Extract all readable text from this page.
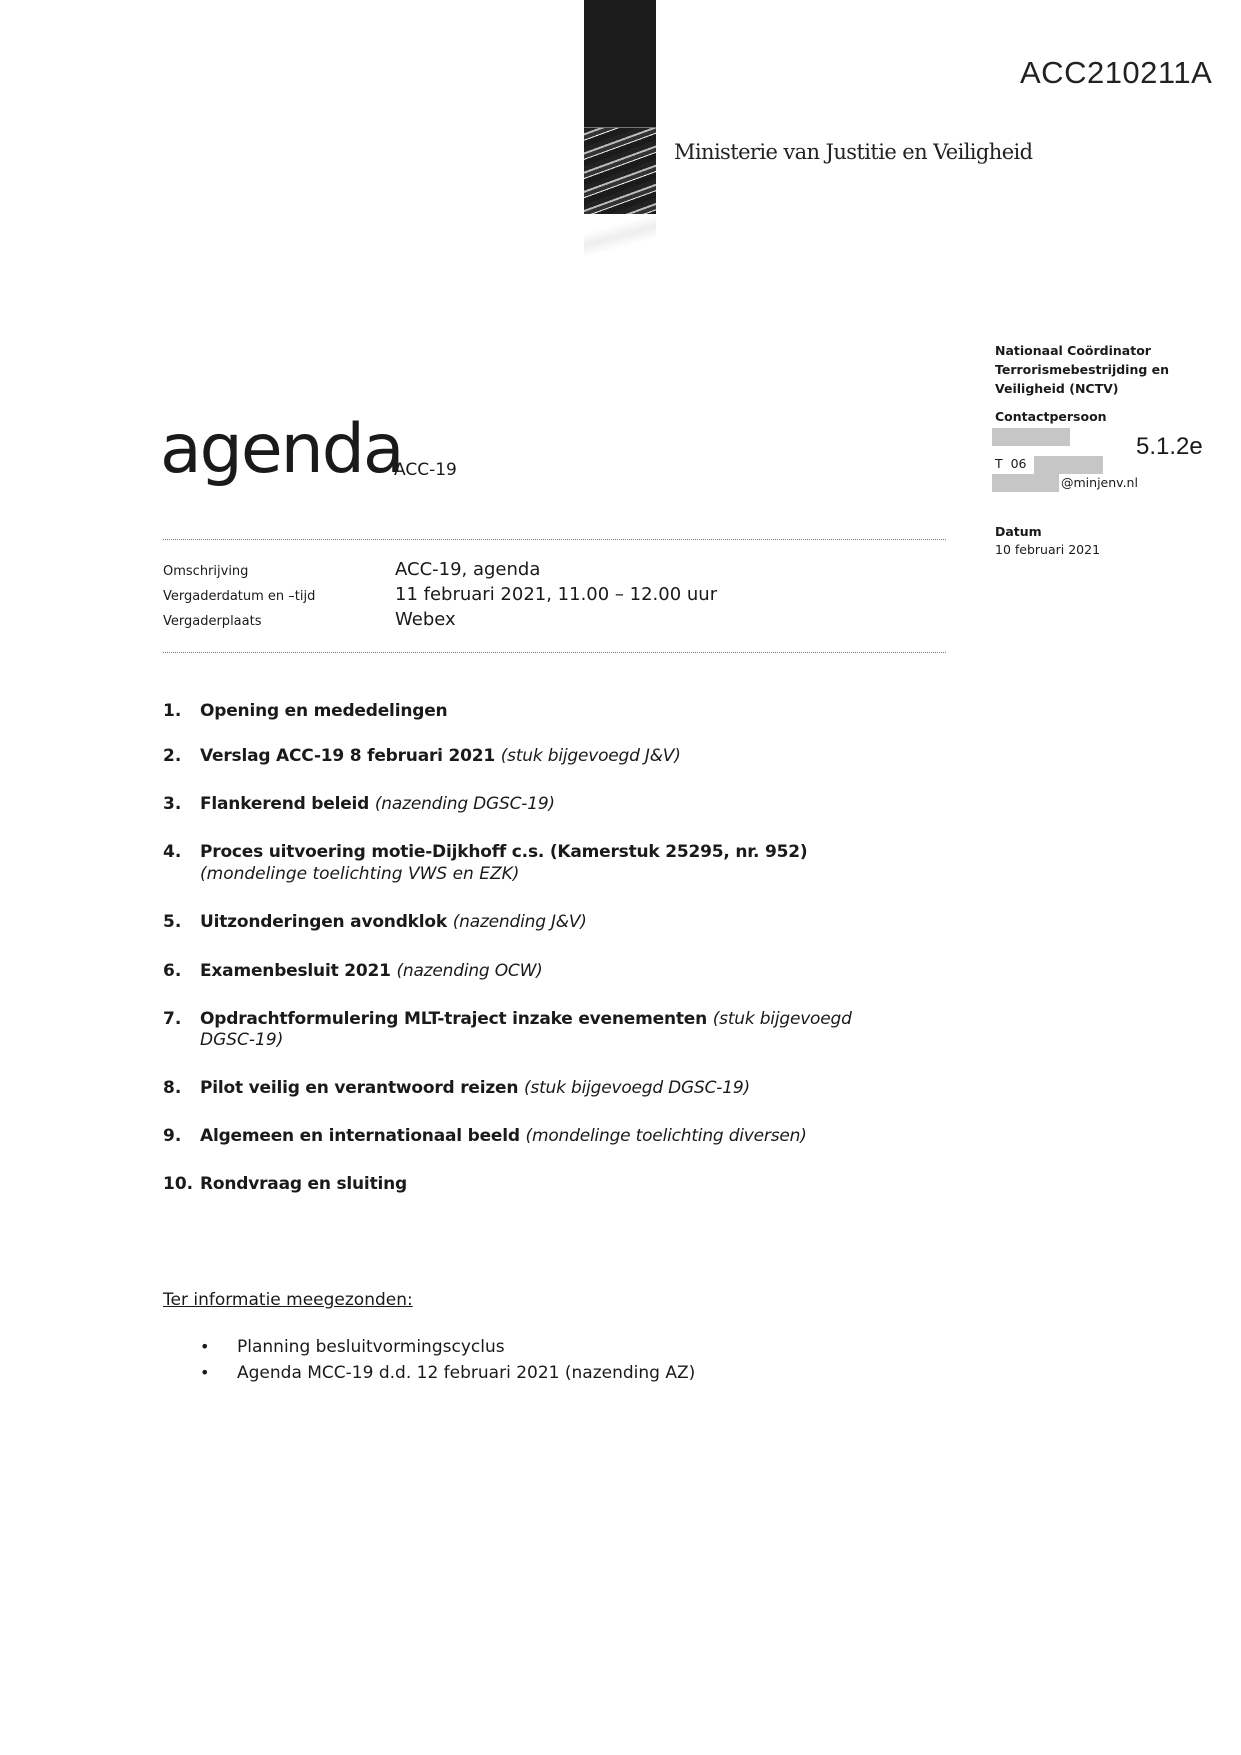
Ministerie van Justitie en Veiligheid
ACC210211A
Nationaal Coördinator
Terrorismebestrijding en
Veiligheid (NCTV)
Contactpersoon
T  06
@minjenv.nl
5.1.2e
Datum
10 februari 2021
agenda
ACC-19
Omschrijving	ACC-19, agenda
Vergaderdatum en –tijd	11 februari 2021, 11.00 – 12.00 uur
Vergaderplaats	Webex
1. Opening en mededelingen
2. Verslag ACC-19 8 februari 2021 (stuk bijgevoegd J&V)
3. Flankerend beleid (nazending DGSC-19)
4.
(mondelinge toelichting VWS en EZK)
Proces uitvoering motie-Dijkhoff c.s. (Kamerstuk 25295, nr. 952)
5. Uitzonderingen avondklok (nazending J&V)
6. Examenbesluit 2021 (nazending OCW)
7. Opdrachtformulering MLT-traject inzake evenementen (stuk bijgevoegd
DGSC-19)
8. Pilot veilig en verantwoord reizen (stuk bijgevoegd DGSC-19)
9. Algemeen en internationaal beeld (mondelinge toelichting diversen)
10. Rondvraag en sluiting
Ter informatie meegezonden:
• Planning besluitvormingscyclus
• Agenda MCC-19 d.d. 12 februari 2021 (nazending AZ)
